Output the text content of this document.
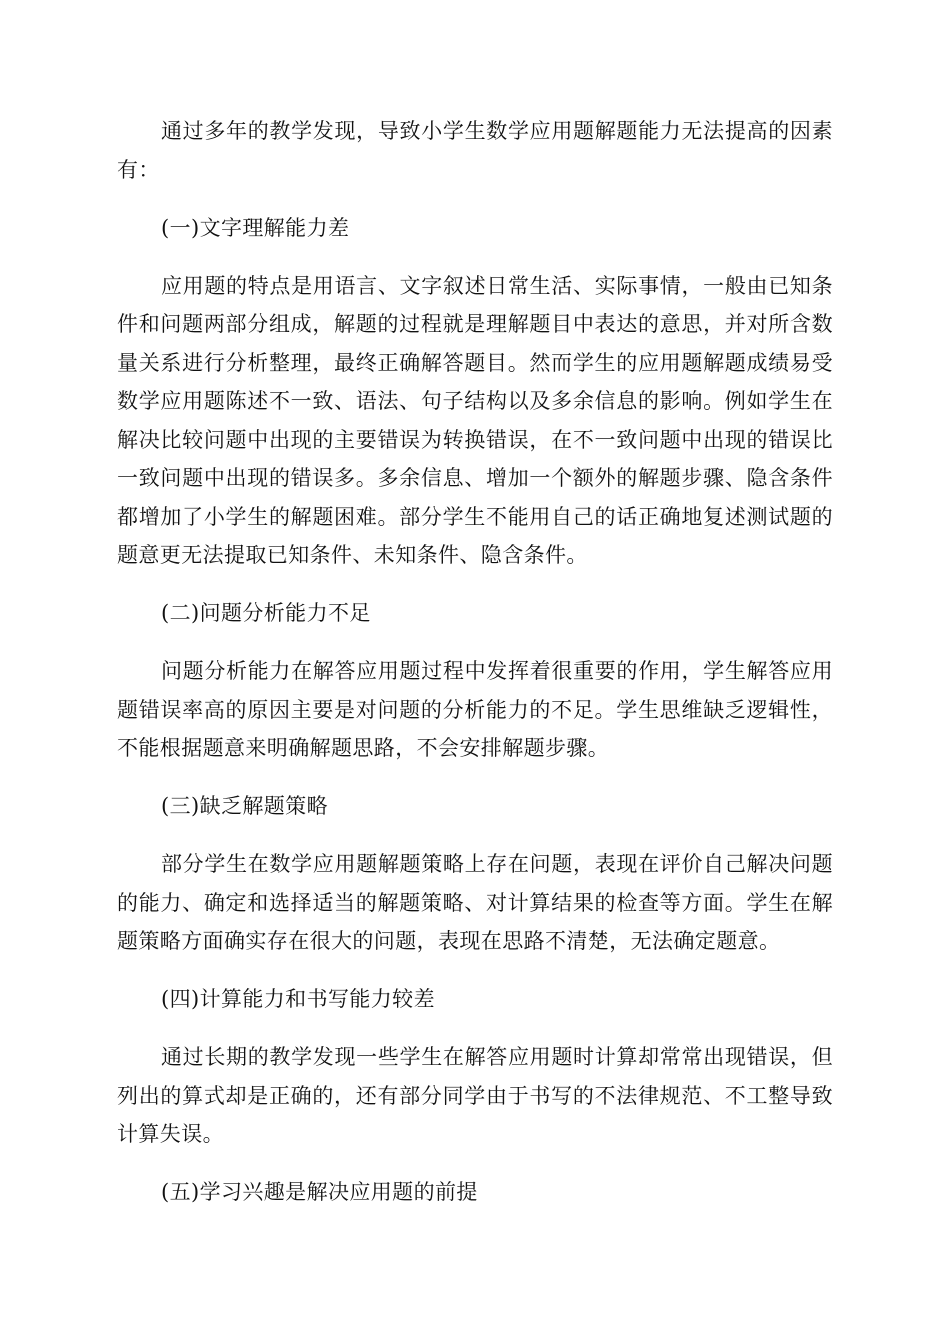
通过多年的教学发现，导致小学生数学应用题解题能力无法提高的因素有：

(一)文字理解能力差

应用题的特点是用语言、文字叙述日常生活、实际事情，一般由已知条件和问题两部分组成，解题的过程就是理解题目中表达的意思，并对所含数量关系进行分析整理，最终正确解答题目。然而学生的应用题解题成绩易受数学应用题陈述不一致、语法、句子结构以及多余信息的影响。例如学生在解决比较问题中出现的主要错误为转换错误，在不一致问题中出现的错误比一致问题中出现的错误多。多余信息、增加一个额外的解题步骤、隐含条件都增加了小学生的解题困难。部分学生不能用自己的话正确地复述测试题的题意更无法提取已知条件、未知条件、隐含条件。

(二)问题分析能力不足

问题分析能力在解答应用题过程中发挥着很重要的作用，学生解答应用题错误率高的原因主要是对问题的分析能力的不足。学生思维缺乏逻辑性，不能根据题意来明确解题思路，不会安排解题步骤。

(三)缺乏解题策略

部分学生在数学应用题解题策略上存在问题，表现在评价自己解决问题的能力、确定和选择适当的解题策略、对计算结果的检查等方面。学生在解题策略方面确实存在很大的问题，表现在思路不清楚，无法确定题意。

(四)计算能力和书写能力较差

通过长期的教学发现一些学生在解答应用题时计算却常常出现错误，但列出的算式却是正确的，还有部分同学由于书写的不法律规范、不工整导致计算失误。

(五)学习兴趣是解决应用题的前提
